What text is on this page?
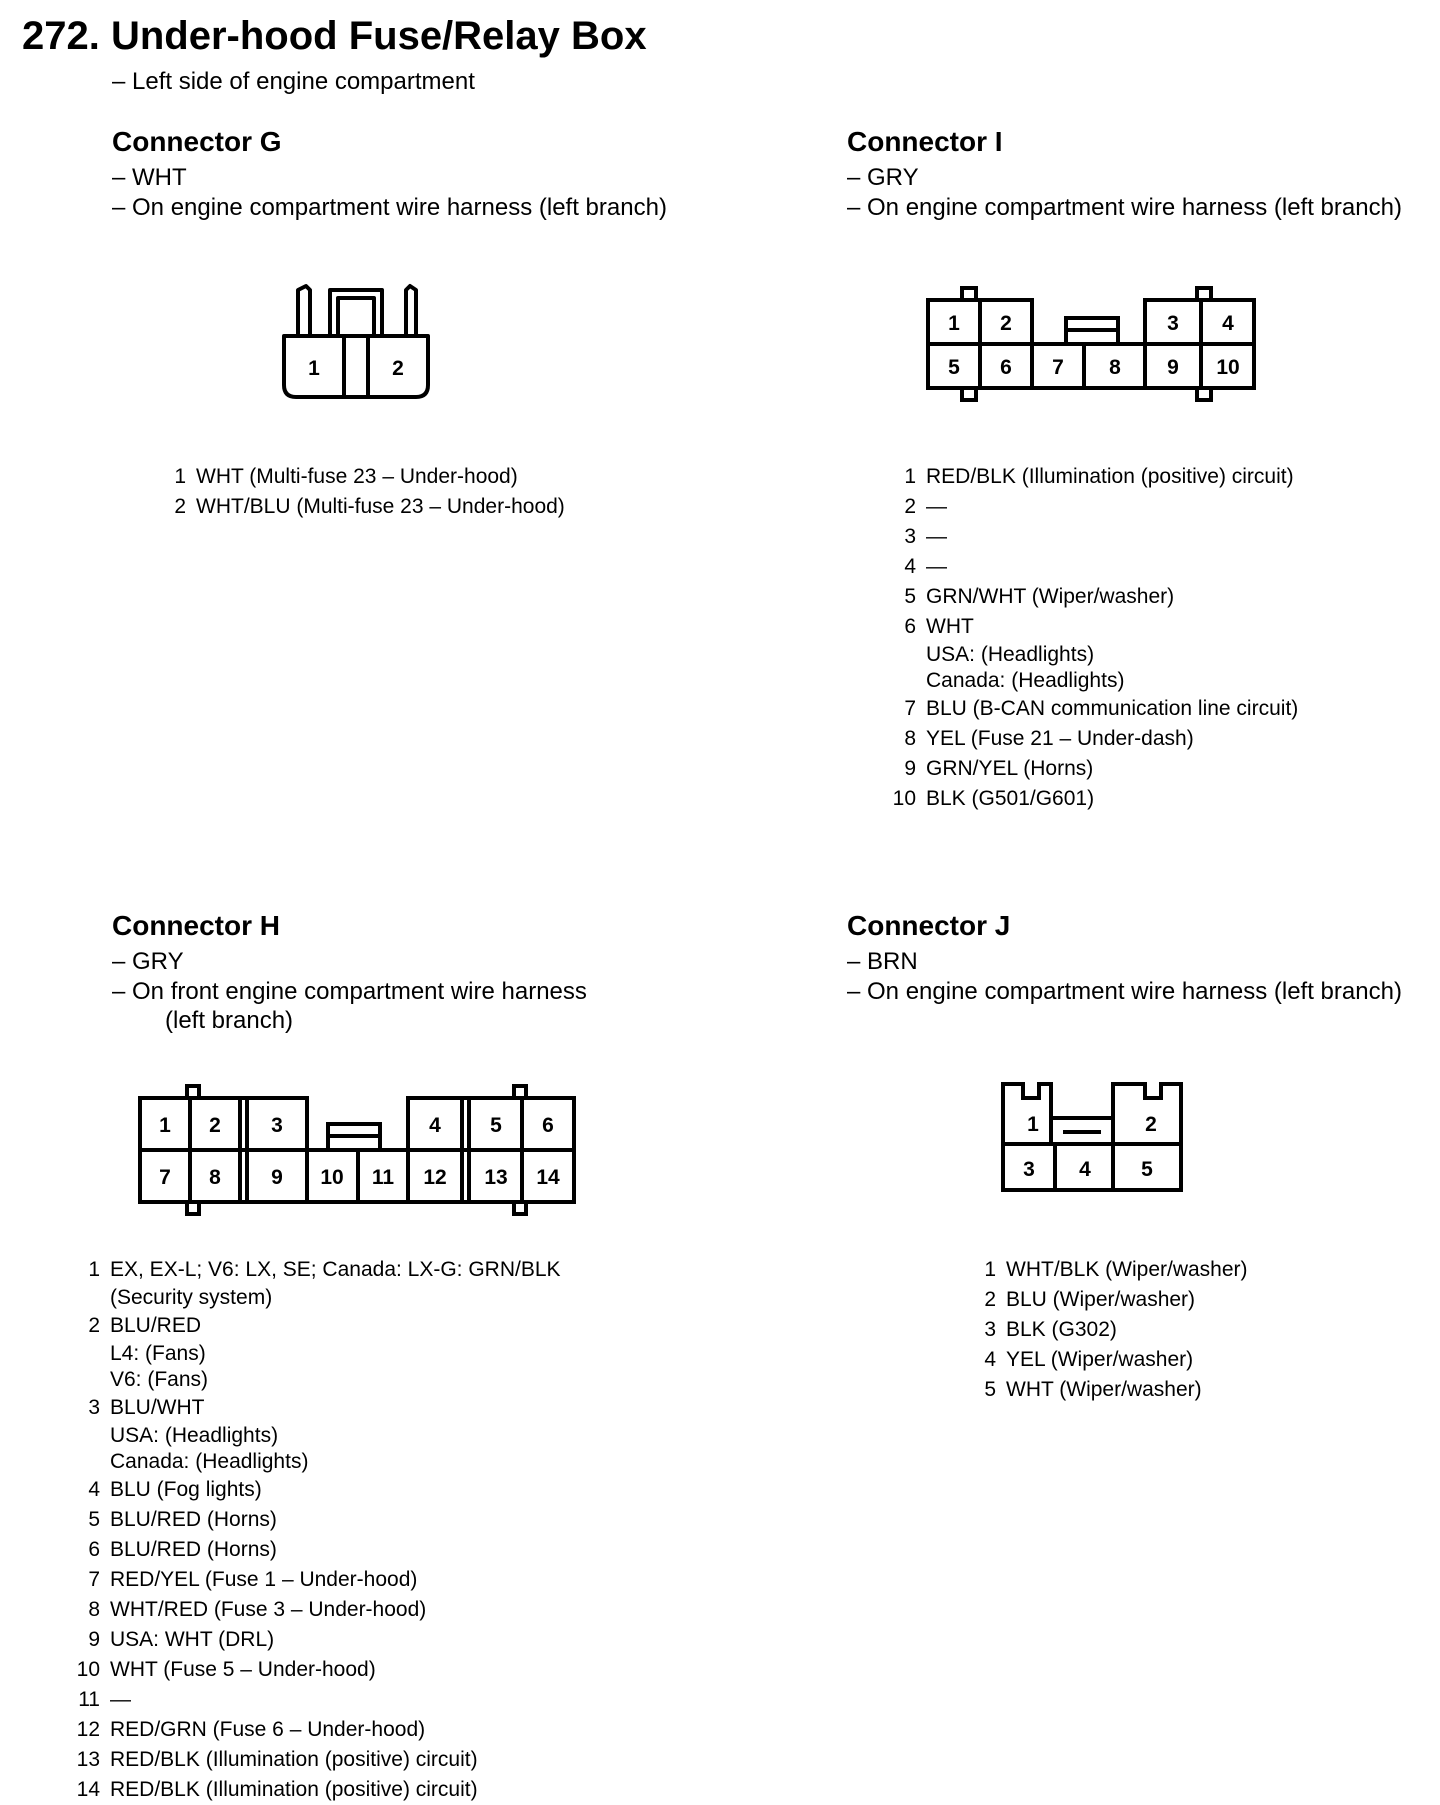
272. Under-hood Fuse/Relay Box
– Left side of engine compartment
Connector G
– WHT
– On engine compartment wire harness (left branch)
1	2
1 WHT (Multi-fuse 23 – Under-hood)
2 WHT/BLU (Multi-fuse 23 – Under-hood)
Connector I
– GRY
– On engine compartment wire harness (left branch)
1 2	3 4
5 6 7 8 9 10
1 RED/BLK (Illumination (positive) circuit)
2 —
3 —
4 —
5 GRN/WHT (Wiper/washer)
6 WHT
USA: (Headlights)
Canada: (Headlights)
7 BLU (B-CAN communication line circuit)
8 YEL (Fuse 21 – Under-dash)
9 GRN/YEL (Horns)
10 BLK (G501/G601)
Connector H
– GRY
– On front engine compartment wire harness
(left branch)
1 2 3	4 5 6
7 8 9 10 11 12 13 14
1 EX, EX-L; V6: LX, SE; Canada: LX-G: GRN/BLK
(Security system)
2 BLU/RED
L4: (Fans)
V6: (Fans)
3 BLU/WHT
USA: (Headlights)
Canada: (Headlights)
4 BLU (Fog lights)
5 BLU/RED (Horns)
6 BLU/RED (Horns)
7 RED/YEL (Fuse 1 – Under-hood)
8 WHT/RED (Fuse 3 – Under-hood)
9 USA: WHT (DRL)
10 WHT (Fuse 5 – Under-hood)
11 —
12 RED/GRN (Fuse 6 – Under-hood)
13 RED/BLK (Illumination (positive) circuit)
14 RED/BLK (Illumination (positive) circuit)
Connector J
– BRN
– On engine compartment wire harness (left branch)
1	2
3 4 5
1 WHT/BLK (Wiper/washer)
2 BLU (Wiper/washer)
3 BLK (G302)
4 YEL (Wiper/washer)
5 WHT (Wiper/washer)
